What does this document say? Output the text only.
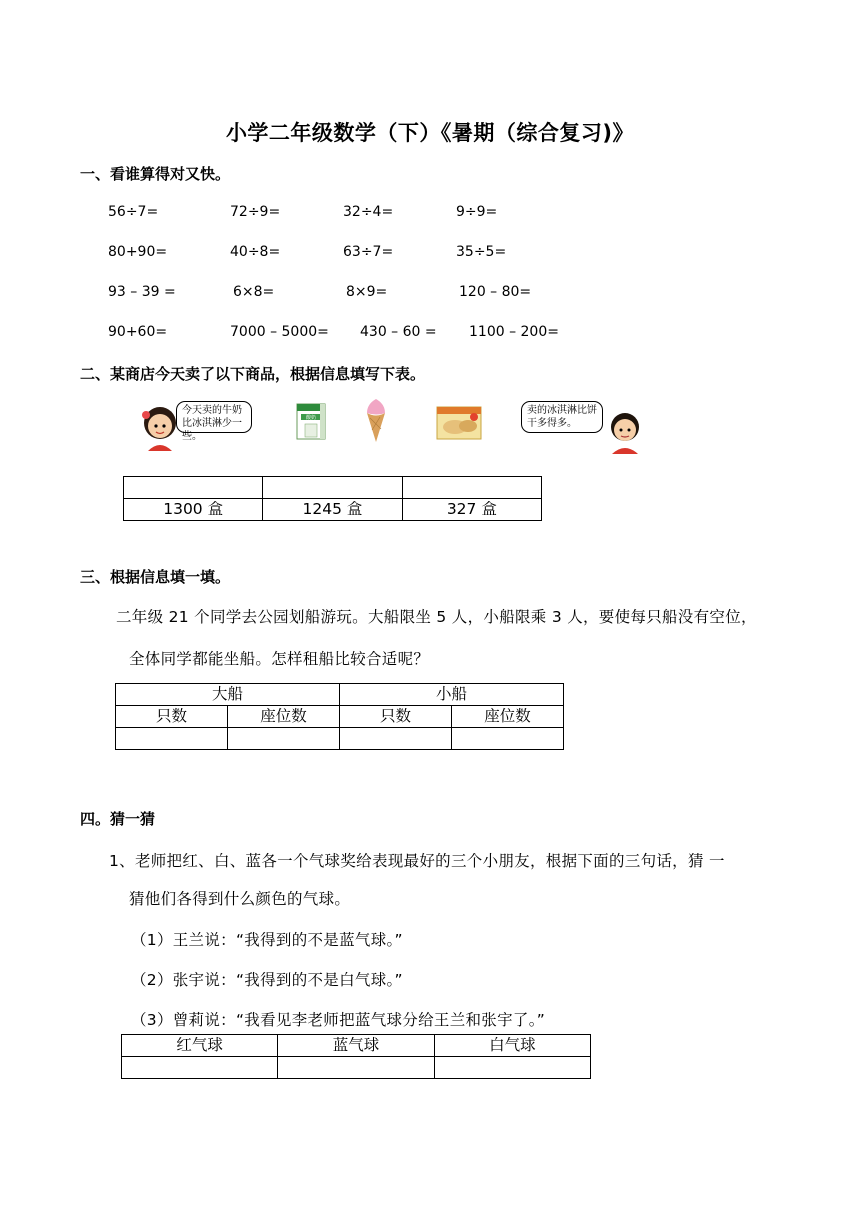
小学二年级数学（下）《暑期（综合复习)》
一、看谁算得对又快。
56÷7=	72÷9=	32÷4=	9÷9=
80+90=	40÷8=	63÷7=	35÷5=
93 – 39 =	6×8=	8×9=	120 – 80=
90+60=	7000 – 5000= 430 – 60 = 1100 – 200=
二、某商店今天卖了以下商品，根据信息填写下表。
今天卖的牛奶比冰淇淋少一些。
酸奶
卖的冰淇淋比饼干多得多。

1300 盒	1245 盒	327 盒
三、根据信息填一填。
二年级 21 个同学去公园划船游玩。大船限坐 5 人，小船限乘 3 人，要使每只船没有空位，
全体同学都能坐船。怎样租船比较合适呢？
大船		小船	
只数	座位数	只数	座位数

四。猜一猜
1、老师把红、白、蓝各一个气球奖给表现最好的三个小朋友，根据下面的三句话，猜 一
猜他们各得到什么颜色的气球。
（1）王兰说：“我得到的不是蓝气球。”
（2）张宇说：“我得到的不是白气球。”
（3）曾莉说：“我看见李老师把蓝气球分给王兰和张宇了。”
红气球	蓝气球	白气球
